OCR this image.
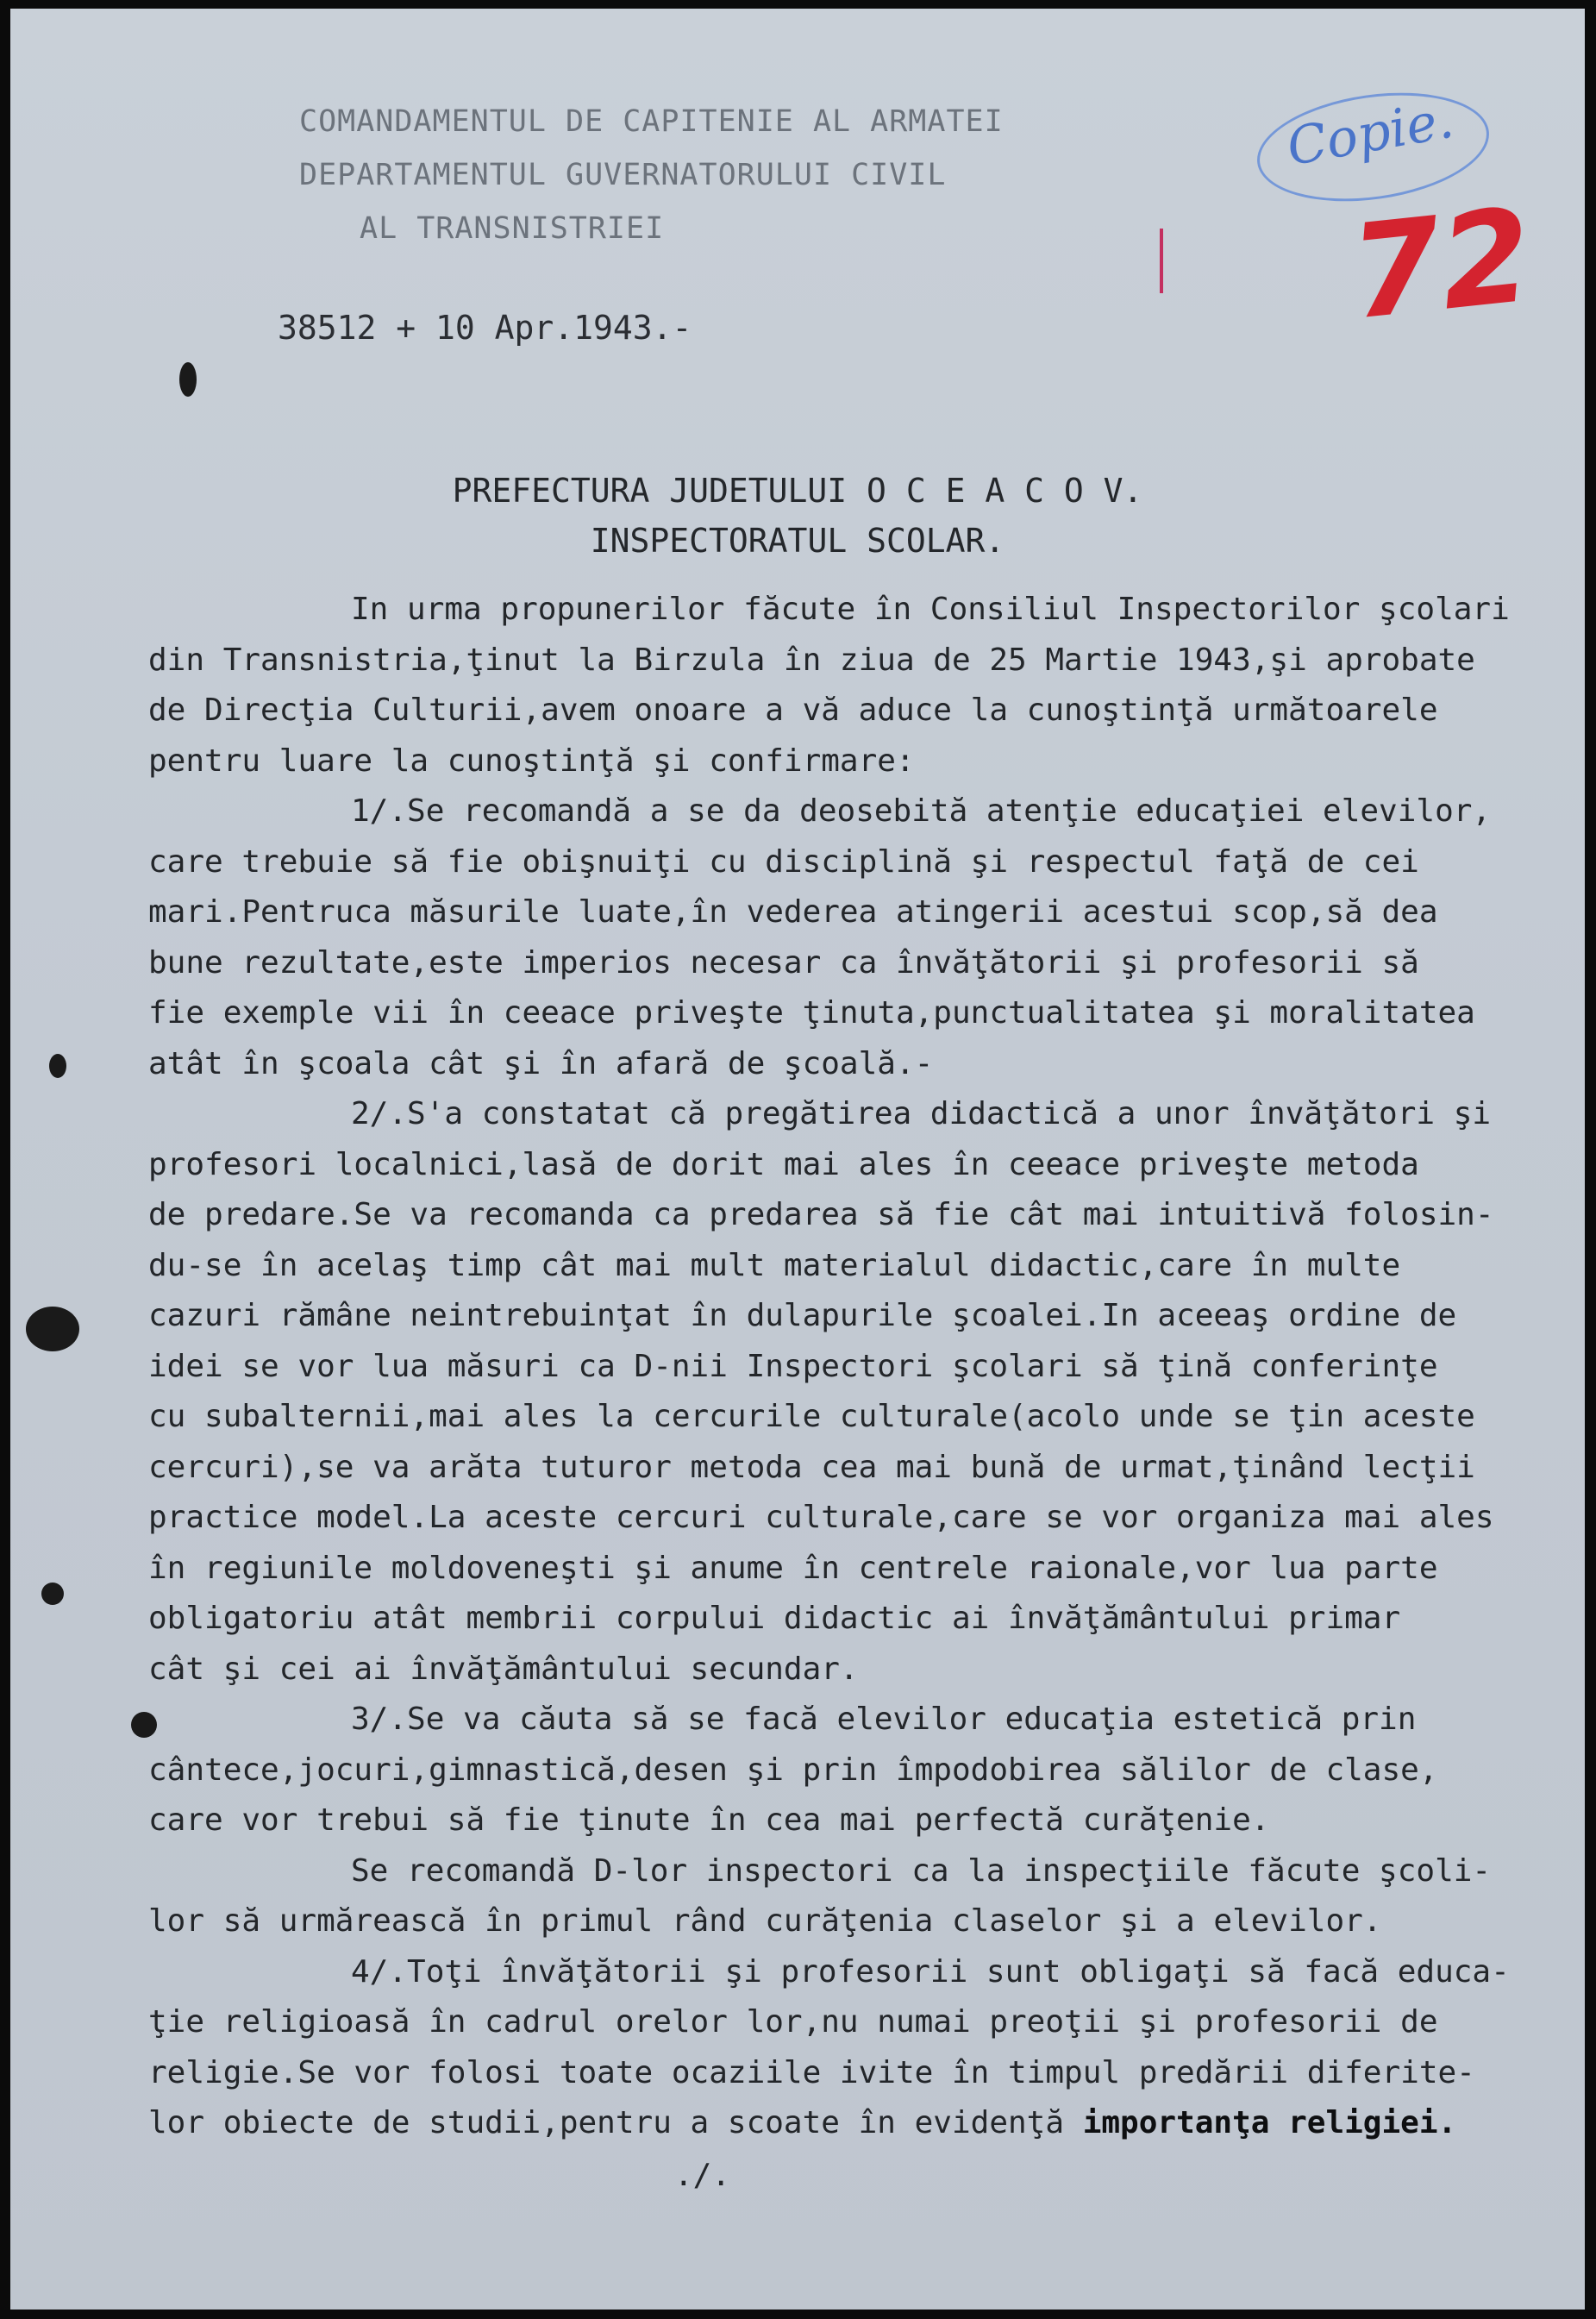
COMANDAMENTUL DE CAPITENIE AL ARMATEI
DEPARTAMENTUL GUVERNATORULUI CIVIL
AL TRANSNISTRIEI
Copie.
72
38512 + 10 Apr.1943.-
PREFECTURA JUDETULUI O C E A C O V.
INSPECTORATUL SCOLAR.
In urma propunerilor făcute în Consiliul Inspectorilor şcolari
din Transnistria,ţinut la Birzula în ziua de 25 Martie 1943,şi aprobate
de Direcţia Culturii,avem onoare a vă aduce la cunoştinţă următoarele
pentru luare la cunoştinţă şi confirmare:
1/.Se recomandă a se da deosebită atenţie educaţiei elevilor,
care trebuie să fie obişnuiţi cu disciplină şi respectul faţă de cei
mari.Pentruca măsurile luate,în vederea atingerii acestui scop,să dea
bune rezultate,este imperios necesar ca învăţătorii şi profesorii să
fie exemple vii în ceeace priveşte ţinuta,punctualitatea şi moralitatea
atât în şcoala cât şi în afară de şcoală.-
2/.S'a constatat că pregătirea didactică a unor învăţători şi
profesori localnici,lasă de dorit mai ales în ceeace priveşte metoda
de predare.Se va recomanda ca predarea să fie cât mai intuitivă folosin-
du-se în acelaş timp cât mai mult materialul didactic,care în multe
cazuri rămâne neintrebuinţat în dulapurile şcoalei.In aceeaş ordine de
idei se vor lua măsuri ca D-nii Inspectori şcolari să ţină conferinţe
cu subalternii,mai ales la cercurile culturale(acolo unde se ţin aceste
cercuri),se va arăta tuturor metoda cea mai bună de urmat,ţinând lecţii
practice model.La aceste cercuri culturale,care se vor organiza mai ales
în regiunile moldoveneşti şi anume în centrele raionale,vor lua parte
obligatoriu atât membrii corpului didactic ai învăţământului primar
cât şi cei ai învăţământului secundar.
3/.Se va căuta să se facă elevilor educaţia estetică prin
cântece,jocuri,gimnastică,desen şi prin împodobirea sălilor de clase,
care vor trebui să fie ţinute în cea mai perfectă curăţenie.
Se recomandă D-lor inspectori ca la inspecţiile făcute şcoli-
lor să urmărească în primul rând curăţenia claselor şi a elevilor.
4/.Toţi învăţătorii şi profesorii sunt obligaţi să facă educa-
ţie religioasă în cadrul orelor lor,nu numai preoţii şi profesorii de
religie.Se vor folosi toate ocaziile ivite în timpul predării diferite-
lor obiecte de studii,pentru a scoate în evidenţă importanţa religiei.
./.
